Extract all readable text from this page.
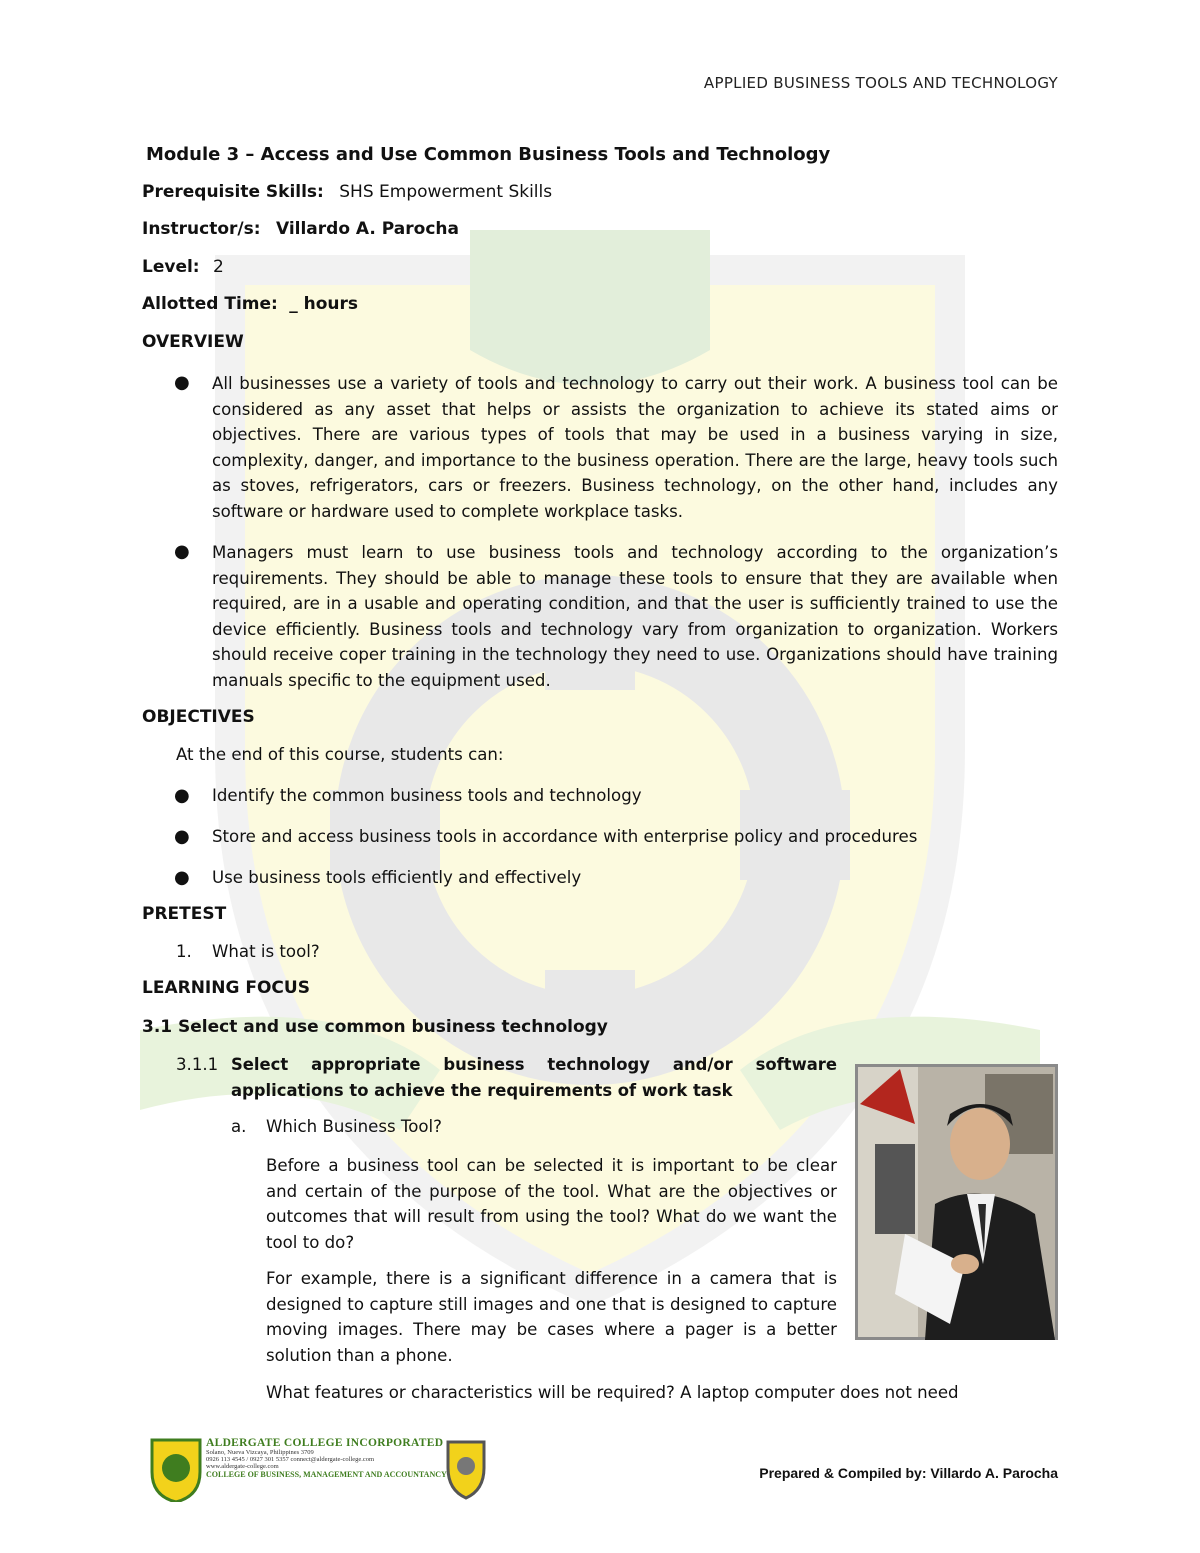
APPLIED BUSINESS TOOLS AND TECHNOLOGY
Module 3 – Access and Use Common Business Tools and Technology
Prerequisite Skills: SHS Empowerment Skills
Instructor/s: Villardo A. Parocha
Level: 2
Allotted Time: _ hours
OVERVIEW
● All businesses use a variety of tools and technology to carry out their work. A business tool can be considered as any asset that helps or assists the organization to achieve its stated aims or objectives. There are various types of tools that may be used in a business varying in size, complexity, danger, and importance to the business operation. There are the large, heavy tools such as stoves, refrigerators, cars or freezers. Business technology, on the other hand, includes any software or hardware used to complete workplace tasks.
● Managers must learn to use business tools and technology according to the organization’s requirements. They should be able to manage these tools to ensure that they are available when required, are in a usable and operating condition, and that the user is sufficiently trained to use the device efficiently. Business tools and technology vary from organization to organization. Workers should receive coper training in the technology they need to use. Organizations should have training manuals specific to the equipment used.
OBJECTIVES
At the end of this course, students can:
● Identify the common business tools and technology
● Store and access business tools in accordance with enterprise policy and procedures
● Use business tools efficiently and effectively
PRETEST
1. What is tool?
LEARNING FOCUS
3.1 Select and use common business technology
3.1.1 Select appropriate business technology and/or software applications to achieve the requirements of work task
a. Which Business Tool?
Before a business tool can be selected it is important to be clear and certain of the purpose of the tool. What are the objectives or outcomes that will result from using the tool? What do we want the tool to do?
For example, there is a significant difference in a camera that is designed to capture still images and one that is designed to capture moving images. There may be cases where a pager is a better solution than a phone.
What features or characteristics will be required? A laptop computer does not need
ALDERGATE COLLEGE INCORPORATED
Solano, Nueva Vizcaya, Philippines 3709
0926 113 4545 / 0927 301 5357 connect@aldergate-college.com
www.aldergate-college.com
COLLEGE OF BUSINESS, MANAGEMENT AND ACCOUNTANCY	Prepared & Compiled by: Villardo A. Parocha
